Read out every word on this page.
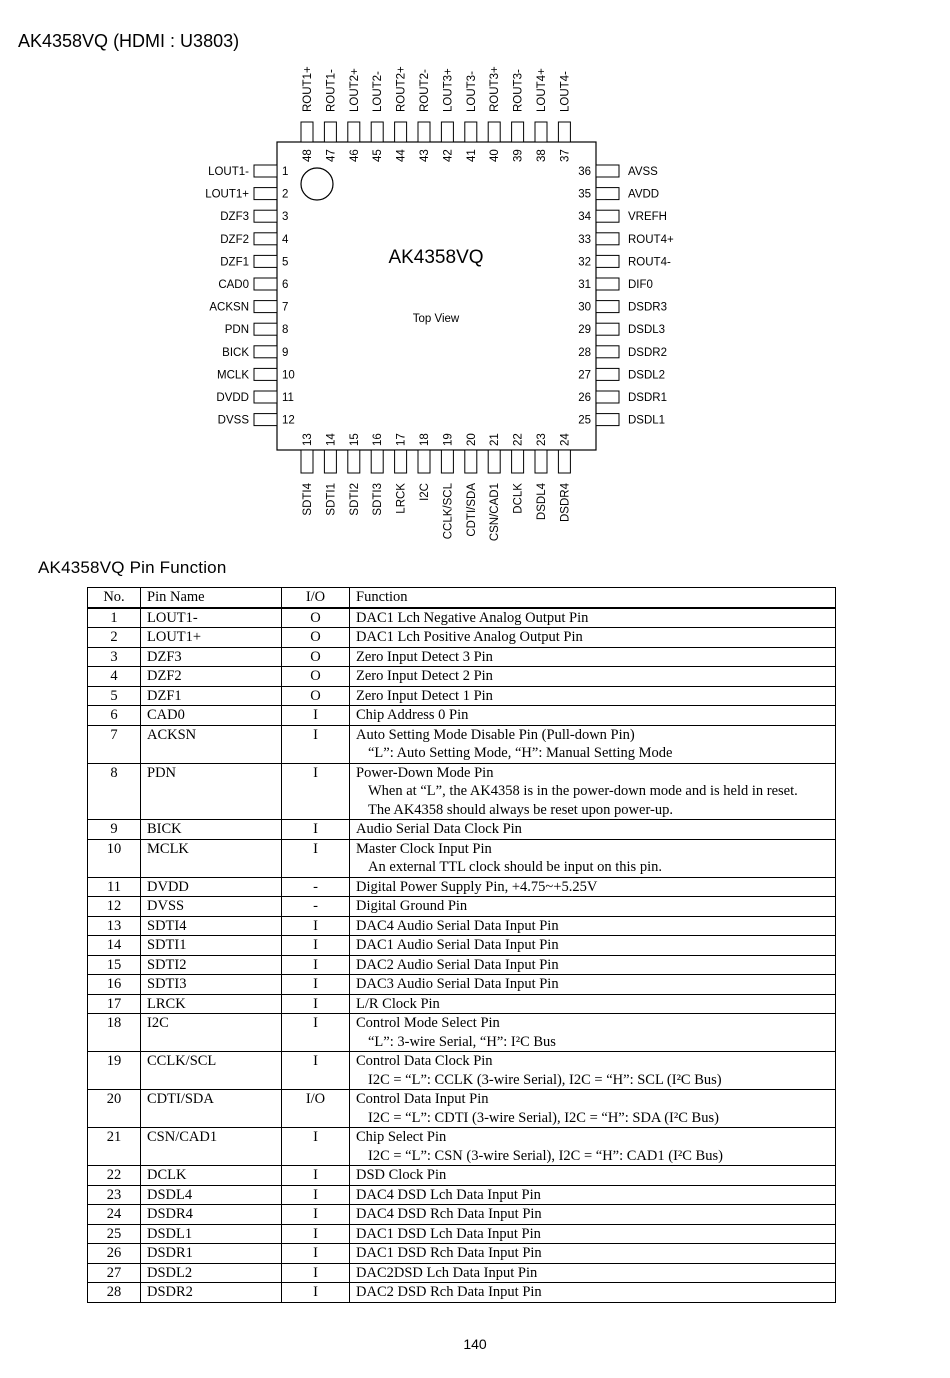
AK4358VQ (HDMI : U3803)
AK4358VQ
Top View
LOUT1-	1
LOUT1+	2
DZF3	3
DZF2	4
DZF1	5
CAD0	6
ACKSN	7
PDN	8
BICK	9
MCLK	10
DVDD	11
DVSS	12
AVSS
36
AVDD
35
VREFH
34
ROUT4+
33
ROUT4-
32
DIF0
31
DSDR3
30
DSDL3
29
DSDR2
28
DSDL2
27
DSDR1
26
DSDL1
25
ROUT1+
48
ROUT1-
47
LOUT2+
46
LOUT2-
45
ROUT2+
44
ROUT2-
43
LOUT3+
42
LOUT3-
41
ROUT3+
40
ROUT3-
39
LOUT4+
38
LOUT4-
37
SDTI4
13
SDTI1
14
SDTI2
15
SDTI3
16
LRCK
17
I2C
18
CCLK/SCL
19
CDTI/SDA
20
CSN/CAD1
21
DCLK
22
DSDL4
23
DSDR4
24
AK4358VQ Pin Function
No.	Pin Name	I/O	Function
1	LOUT1-	O	DAC1 Lch Negative Analog Output Pin

2	LOUT1+	O	DAC1 Lch Positive Analog Output Pin

3	DZF3	O	Zero Input Detect 3 Pin

4	DZF2	O	Zero Input Detect 2 Pin

5	DZF1	O	Zero Input Detect 1 Pin

6	CAD0	I	Chip Address 0 Pin

7	ACKSN	I	Auto Setting Mode Disable Pin (Pull-down Pin)
“L”: Auto Setting Mode, “H”: Manual Setting Mode

8	PDN	I	Power-Down Mode Pin
When at “L”, the AK4358 is in the power-down mode and is held in reset.
The AK4358 should always be reset upon power-up.

9	BICK	I	Audio Serial Data Clock Pin

10	MCLK	I	Master Clock Input Pin
An external TTL clock should be input on this pin.

11	DVDD	-	Digital Power Supply Pin, +4.75~+5.25V

12	DVSS	-	Digital Ground Pin

13	SDTI4	I	DAC4 Audio Serial Data Input Pin

14	SDTI1	I	DAC1 Audio Serial Data Input Pin

15	SDTI2	I	DAC2 Audio Serial Data Input Pin

16	SDTI3	I	DAC3 Audio Serial Data Input Pin

17	LRCK	I	L/R Clock Pin

18	I2C	I	Control Mode Select Pin
“L”: 3-wire Serial, “H”: I²C Bus

19	CCLK/SCL	I	Control Data Clock Pin
I2C = “L”: CCLK (3-wire Serial), I2C = “H”: SCL (I²C Bus)

20	CDTI/SDA	I/O	Control Data Input Pin
I2C = “L”: CDTI (3-wire Serial), I2C = “H”: SDA (I²C Bus)

21	CSN/CAD1	I	Chip Select Pin
I2C = “L”: CSN (3-wire Serial), I2C = “H”: CAD1 (I²C Bus)

22	DCLK	I	DSD Clock Pin

23	DSDL4	I	DAC4 DSD Lch Data Input Pin

24	DSDR4	I	DAC4 DSD Rch Data Input Pin

25	DSDL1	I	DAC1 DSD Lch Data Input Pin

26	DSDR1	I	DAC1 DSD Rch Data Input Pin

27	DSDL2	I	DAC2DSD Lch Data Input Pin

28	DSDR2	I	DAC2 DSD Rch Data Input Pin
140
